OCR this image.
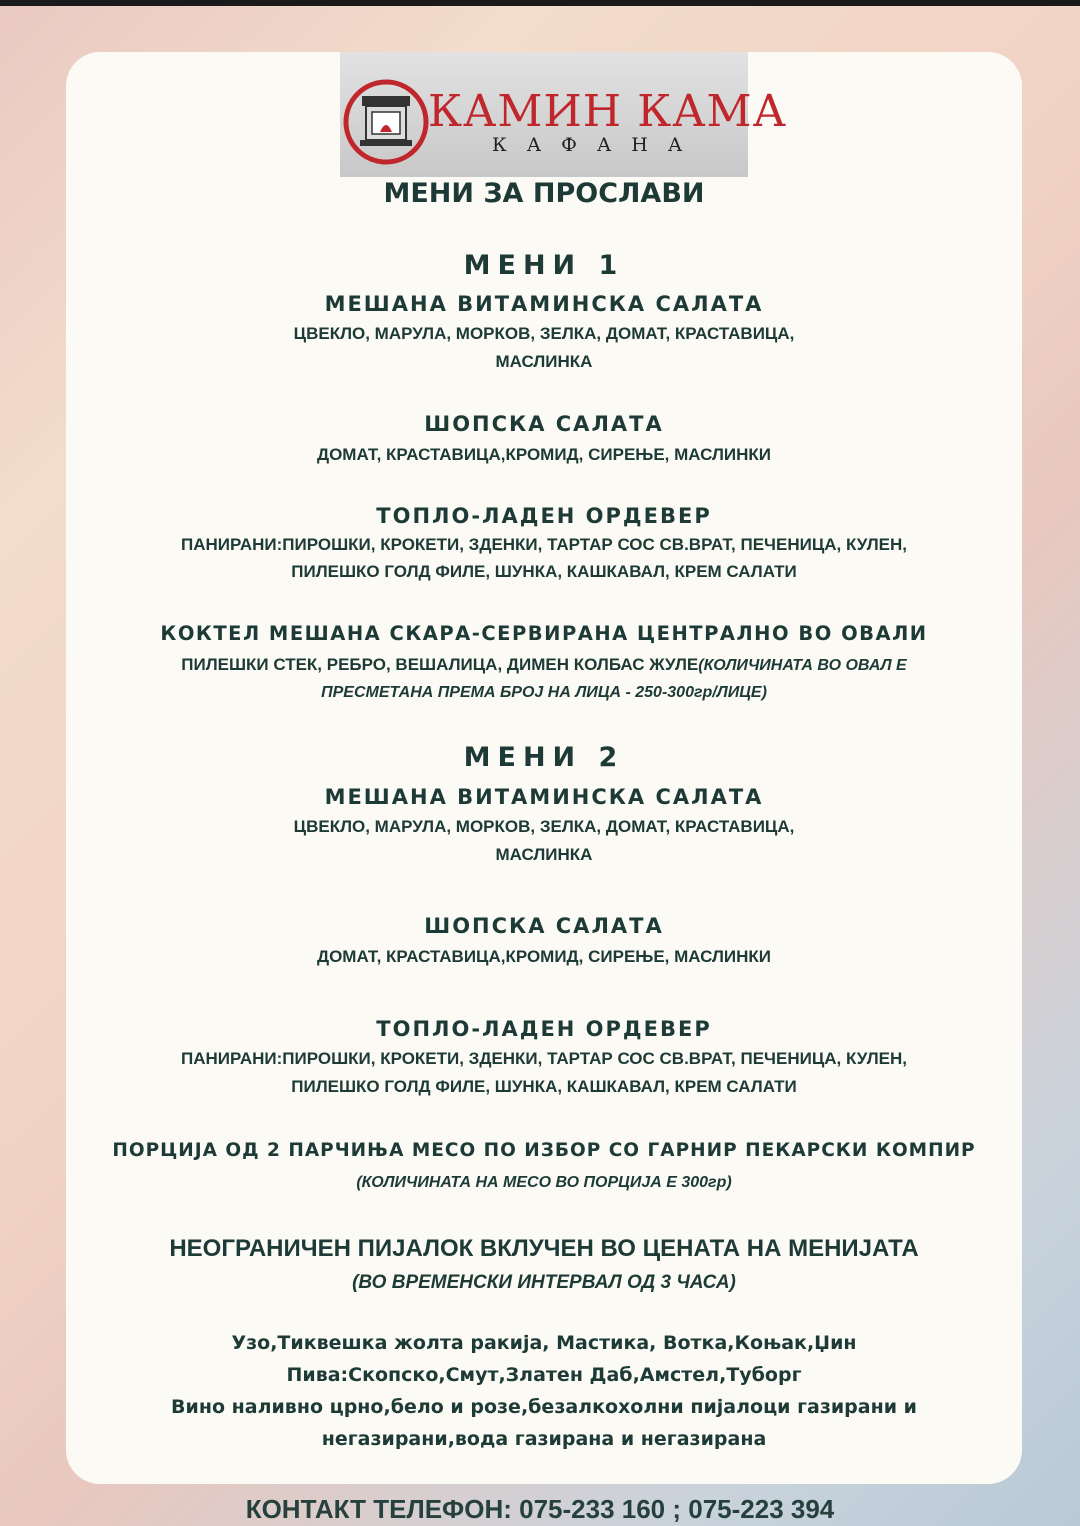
КАМИН КАМА
КАФАНА
МЕНИ ЗА ПРОСЛАВИ
МЕНИ 1
МЕШАНА ВИТАМИНСКА САЛАТА
ЦВЕКЛО, МАРУЛА, МОРКОВ, ЗЕЛКА, ДОМАТ, КРАСТАВИЦА,
МАСЛИНКА
ШОПСКА САЛАТА
ДОМАТ, КРАСТАВИЦА,КРОМИД, СИРЕЊЕ, МАСЛИНКИ
ТОПЛО-ЛАДЕН ОРДЕВЕР
ПАНИРАНИ:ПИРОШКИ, КРОКЕТИ, ЗДЕНКИ, ТАРТАР СОС СВ.ВРАТ, ПЕЧЕНИЦА, КУЛЕН,
ПИЛЕШКО ГОЛД ФИЛЕ, ШУНКА, КАШКАВАЛ, КРЕМ САЛАТИ
КОКТЕЛ МЕШАНА СКАРА-СЕРВИРАНА ЦЕНТРАЛНО ВО ОВАЛИ
ПИЛЕШКИ СТЕК, РЕБРО, ВЕШАЛИЦА, ДИМЕН КОЛБАС ЖУЛЕ(КОЛИЧИНАТА ВО ОВАЛ Е
ПРЕСМЕТАНА ПРЕМА БРОЈ НА ЛИЦА - 250-300гр/ЛИЦЕ)
МЕНИ 2
МЕШАНА ВИТАМИНСКА САЛАТА
ЦВЕКЛО, МАРУЛА, МОРКОВ, ЗЕЛКА, ДОМАТ, КРАСТАВИЦА,
МАСЛИНКА
ШОПСКА САЛАТА
ДОМАТ, КРАСТАВИЦА,КРОМИД, СИРЕЊЕ, МАСЛИНКИ
ТОПЛО-ЛАДЕН ОРДЕВЕР
ПАНИРАНИ:ПИРОШКИ, КРОКЕТИ, ЗДЕНКИ, ТАРТАР СОС СВ.ВРАТ, ПЕЧЕНИЦА, КУЛЕН,
ПИЛЕШКО ГОЛД ФИЛЕ, ШУНКА, КАШКАВАЛ, КРЕМ САЛАТИ
ПОРЦИЈА ОД 2 ПАРЧИЊА МЕСО ПО ИЗБОР СО ГАРНИР ПЕКАРСКИ КОМПИР
(КОЛИЧИНАТА НА МЕСО ВО ПОРЦИЈА Е 300гр)
НЕОГРАНИЧЕН ПИЈАЛОК ВКЛУЧЕН ВО ЦЕНАТА НА МЕНИЈАТА
(ВО ВРЕМЕНСКИ ИНТЕРВАЛ ОД 3 ЧАСА)
Узо,Тиквешка жолта ракија, Мастика, Вотка,Коњак,Џин
Пива:Скопско,Смут,Златен Даб,Амстел,Туборг
Вино наливно црно,бело и розе,безалкохолни пијалоци газирани и
негазирани,вода газирана и негазирана
КОНТАКТ ТЕЛЕФОН: 075-233 160 ; 075-223 394
